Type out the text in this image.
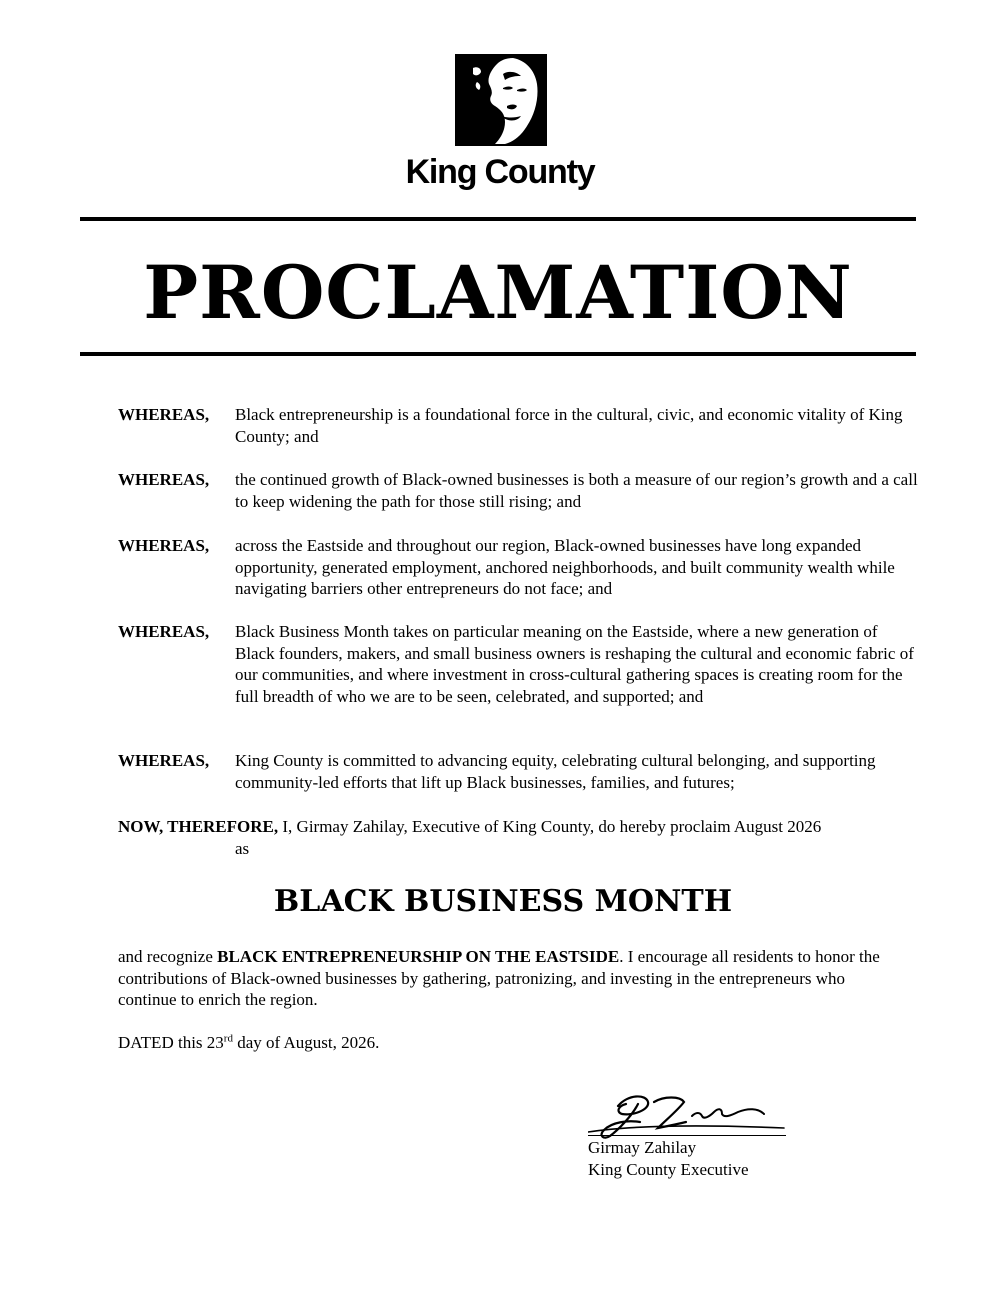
King County
PROCLAMATION
WHEREAS, Black entrepreneurship is a foundational force in the cultural, civic, and economic vitality of King County; and
WHEREAS, the continued growth of Black-owned businesses is both a measure of our region’s growth and a call to keep widening the path for those still rising; and
WHEREAS, across the Eastside and throughout our region, Black-owned businesses have long expanded opportunity, generated employment, anchored neighborhoods, and built community wealth while navigating barriers other entrepreneurs do not face; and
WHEREAS, Black Business Month takes on particular meaning on the Eastside, where a new generation of Black founders, makers, and small business owners is reshaping the cultural and economic fabric of our communities, and where investment in cross-cultural gathering spaces is creating room for the full breadth of who we are to be seen, celebrated, and supported; and
WHEREAS, King County is committed to advancing equity, celebrating cultural belonging, and supporting community-led efforts that lift up Black businesses, families, and futures;
NOW, THEREFORE, I, Girmay Zahilay, Executive of King County, do hereby proclaim August 2026
as
BLACK BUSINESS MONTH
and recognize BLACK ENTREPRENEURSHIP ON THE EASTSIDE. I encourage all residents to honor the contributions of Black-owned businesses by gathering, patronizing, and investing in the entrepreneurs who continue to enrich the region.
DATED this 23rd day of August, 2026.
Girmay Zahilay
King County Executive
